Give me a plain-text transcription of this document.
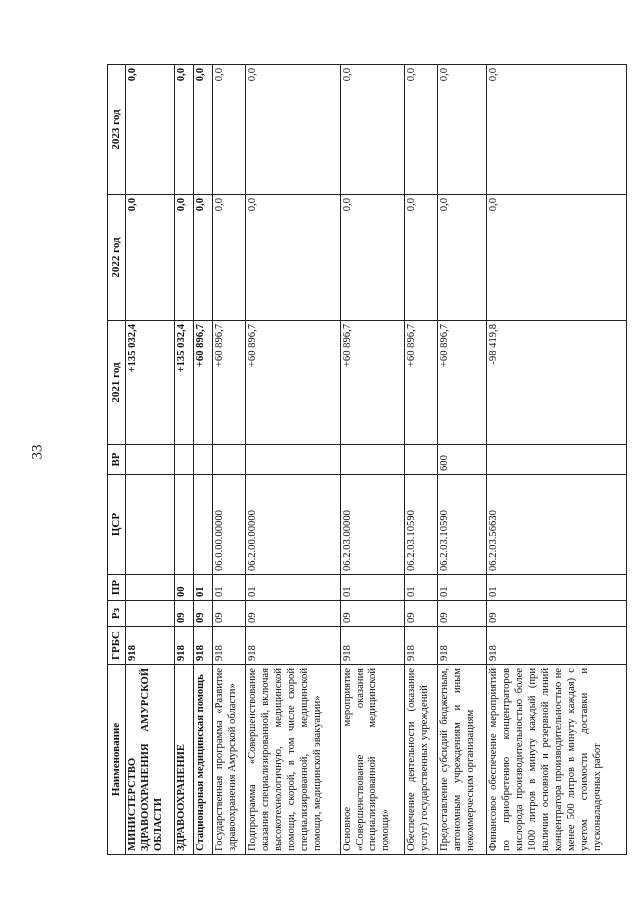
33
Наименование	ГРБС	Рз	ПР	ЦСР	ВР	2021 год	2022 год	2023 год
МИНИСТЕРСТВО ЗДРАВООХРАНЕНИЯ АМУРСКОЙ ОБЛАСТИ	918					+135 032,4	0,0	0,0
ЗДРАВООХРАНЕНИЕ	918	09	00			+135 032,4	0,0	0,0
Стационарная медицинская помощь	918	09	01			+60 896,7	0,0	0,0
Государственная программа «Развитие здравоохранения Амурской области»	918	09	01	06.0.00.00000		+60 896,7	0,0	0,0
Подпрограмма «Совершенствование оказания специализированной, включая высокотехнологичную, медицинской помощи, скорой, в том числе скорой специализированной, медицинской помощи, медицинской эвакуации»	918	09	01	06.2.00.00000		+60 896,7	0,0	0,0
Основное мероприятие «Совершенствование оказания специализированной медицинской помощи»	918	09	01	06.2.03.00000		+60 896,7	0,0	0,0
Обеспечение деятельности (оказание услуг) государственных учреждений	918	09	01	06.2.03.10590		+60 896,7	0,0	0,0
Предоставление субсидий бюджетным, автономным учреждениям и иным некоммерческим организациям	918	09	01	06.2.03.10590	600	+60 896,7	0,0	0,0
Финансовое обеспечение мероприятий по приобретению концентраторов кислорода производительностью более 1000 литров в минуту каждый (при наличии основной и резервной линий концентратора производительностью не менее 500 литров в минуту каждая) с учетом стоимости доставки и пусконаладочных работ	918	09	01	06.2.03.56630		-98 419,8	0,0	0,0
